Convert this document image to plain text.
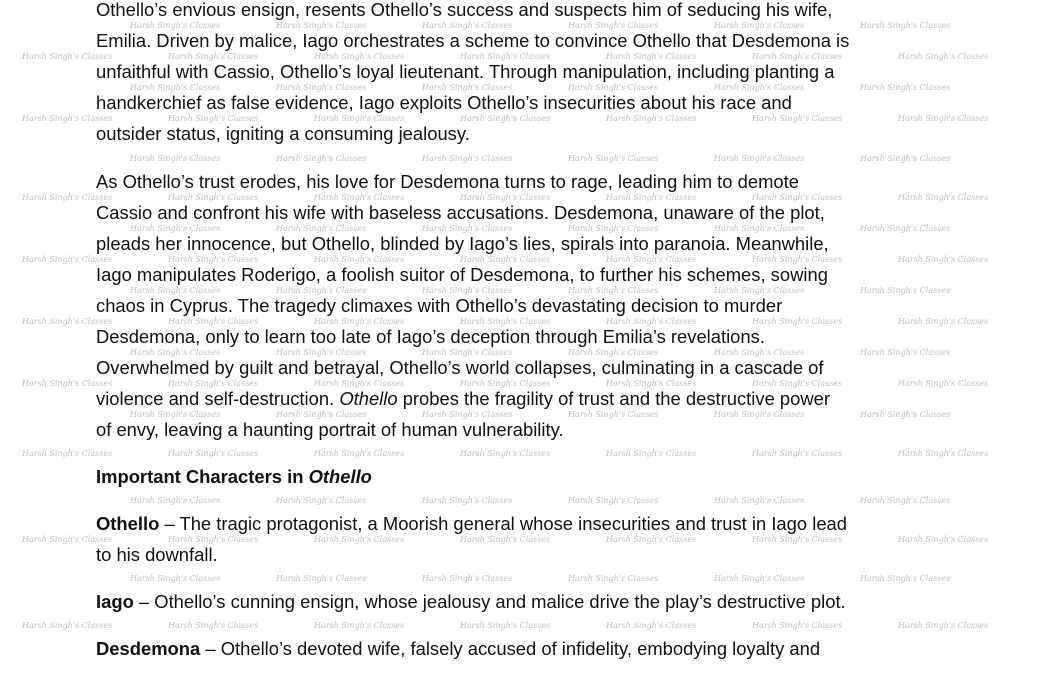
Harsh Singh's Classes	Harsh Singh's Classes	Harsh Singh's Classes	Harsh Singh's Classes	Harsh Singh's Classes	Harsh Singh's Classes
Harsh Singh's Classes	Harsh Singh's Classes	Harsh Singh's Classes	Harsh Singh's Classes	Harsh Singh's Classes	Harsh Singh's Classes	Harsh Singh's Classes
Harsh Singh's Classes	Harsh Singh's Classes	Harsh Singh's Classes	Harsh Singh's Classes	Harsh Singh's Classes	Harsh Singh's Classes
Harsh Singh's Classes	Harsh Singh's Classes	Harsh Singh's Classes	Harsh Singh's Classes	Harsh Singh's Classes	Harsh Singh's Classes	Harsh Singh's Classes
Harsh Singh's Classes	Harsh Singh's Classes	Harsh Singh's Classes	Harsh Singh's Classes	Harsh Singh's Classes	Harsh Singh's Classes
Harsh Singh's Classes	Harsh Singh's Classes	Harsh Singh's Classes	Harsh Singh's Classes	Harsh Singh's Classes	Harsh Singh's Classes	Harsh Singh's Classes
Harsh Singh's Classes	Harsh Singh's Classes	Harsh Singh's Classes	Harsh Singh's Classes	Harsh Singh's Classes	Harsh Singh's Classes
Harsh Singh's Classes	Harsh Singh's Classes	Harsh Singh's Classes	Harsh Singh's Classes	Harsh Singh's Classes	Harsh Singh's Classes	Harsh Singh's Classes
Harsh Singh's Classes	Harsh Singh's Classes	Harsh Singh's Classes	Harsh Singh's Classes	Harsh Singh's Classes	Harsh Singh's Classes
Harsh Singh's Classes	Harsh Singh's Classes	Harsh Singh's Classes	Harsh Singh's Classes	Harsh Singh's Classes	Harsh Singh's Classes	Harsh Singh's Classes
Harsh Singh's Classes	Harsh Singh's Classes	Harsh Singh's Classes	Harsh Singh's Classes	Harsh Singh's Classes	Harsh Singh's Classes
Harsh Singh's Classes	Harsh Singh's Classes	Harsh Singh's Classes	Harsh Singh's Classes	Harsh Singh's Classes	Harsh Singh's Classes	Harsh Singh's Classes
Harsh Singh's Classes	Harsh Singh's Classes	Harsh Singh's Classes	Harsh Singh's Classes	Harsh Singh's Classes	Harsh Singh's Classes
Harsh Singh's Classes	Harsh Singh's Classes	Harsh Singh's Classes	Harsh Singh's Classes	Harsh Singh's Classes	Harsh Singh's Classes	Harsh Singh's Classes
Harsh Singh's Classes	Harsh Singh's Classes	Harsh Singh's Classes	Harsh Singh's Classes	Harsh Singh's Classes	Harsh Singh's Classes
Harsh Singh's Classes	Harsh Singh's Classes	Harsh Singh's Classes	Harsh Singh's Classes	Harsh Singh's Classes	Harsh Singh's Classes	Harsh Singh's Classes
Harsh Singh's Classes	Harsh Singh's Classes	Harsh Singh's Classes	Harsh Singh's Classes	Harsh Singh's Classes	Harsh Singh's Classes
Harsh Singh's Classes	Harsh Singh's Classes	Harsh Singh's Classes	Harsh Singh's Classes	Harsh Singh's Classes	Harsh Singh's Classes	Harsh Singh's Classes
Othello’s envious ensign, resents Othello’s success and suspects him of seducing his wife,
Emilia. Driven by malice, Iago orchestrates a scheme to convince Othello that Desdemona is
unfaithful with Cassio, Othello’s loyal lieutenant. Through manipulation, including planting a
handkerchief as false evidence, Iago exploits Othello’s insecurities about his race and
outsider status, igniting a consuming jealousy.
As Othello’s trust erodes, his love for Desdemona turns to rage, leading him to demote
Cassio and confront his wife with baseless accusations. Desdemona, unaware of the plot,
pleads her innocence, but Othello, blinded by Iago’s lies, spirals into paranoia. Meanwhile,
Iago manipulates Roderigo, a foolish suitor of Desdemona, to further his schemes, sowing
chaos in Cyprus. The tragedy climaxes with Othello’s devastating decision to murder
Desdemona, only to learn too late of Iago’s deception through Emilia’s revelations.
Overwhelmed by guilt and betrayal, Othello’s world collapses, culminating in a cascade of
violence and self-destruction. Othello probes the fragility of trust and the destructive power
of envy, leaving a haunting portrait of human vulnerability.
Important Characters in Othello
Othello – The tragic protagonist, a Moorish general whose insecurities and trust in Iago lead
to his downfall.
Iago – Othello’s cunning ensign, whose jealousy and malice drive the play’s destructive plot.
Desdemona – Othello’s devoted wife, falsely accused of infidelity, embodying loyalty and
